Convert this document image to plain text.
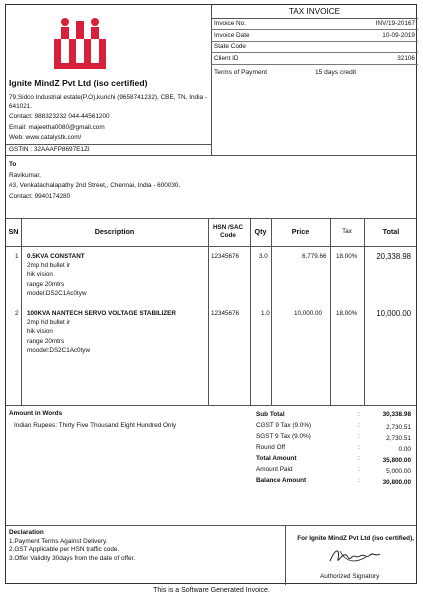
Ignite MindZ Pvt Ltd (iso certified)
79,Sidco Industrial estate(P.O),kurichi (9658741232), CBE, TN, India - 641021.
Contact: 988323232 044-44561200
Email: majeetha0080@gmail.com
Web: www.catalystk.com/
GSTIN : 32AAAFP8697E1ZI
TAX INVOICE
Invoice No.	INV/19-20167
Invoice Date	10-09-2019
State Code
Client ID	32106
Terms of Payment	15 days credit
To
Ravikumar,
#3, Venkatachalapathy 2nd Street,, Chennai, India - 600030.
Contact: 9940174280
SN	Description	HSN /SAC Code	Qty	Price	Tax	Total
1 0.5KVA CONSTANT
2mp hd bullet ir
hik vision
range 20mtrs
model:DS2C1Ac0tyw
12345676	3.0	6,779.66 18.00% 20,338.98
2 100KVA NANTECH SERVO VOLTAGE STABILIZER
2mp hd bullet ir
hik vision
range 20mtrs
moodel:DS2C1Ac0tyw
12345676	1.0	10,000.00 18.00% 10,000.00
Amount in Words
Indian Rupees: Thirty Five Thousand Eight Hundred Only
Sub Total	:	30,338.98
CGST 9 Tax (9.0%)	:	2,730.51
SGST 9 Tax (9.0%)	:	2,730.51
Round Off	:	0.00
Total Amount	:	35,800.00
Amount Paid	:	5,000.00
Balance Amount	:	30,800.00
Declaration
1.Payment Terms Against Delivery.
2.GST Applicable per HSN traffic code.
3.Offer Validity 30days from the date of offer.
For Ignite MindZ Pvt Ltd (iso certified),
Authorized Signatory
This is a Software Generated Invoice.
